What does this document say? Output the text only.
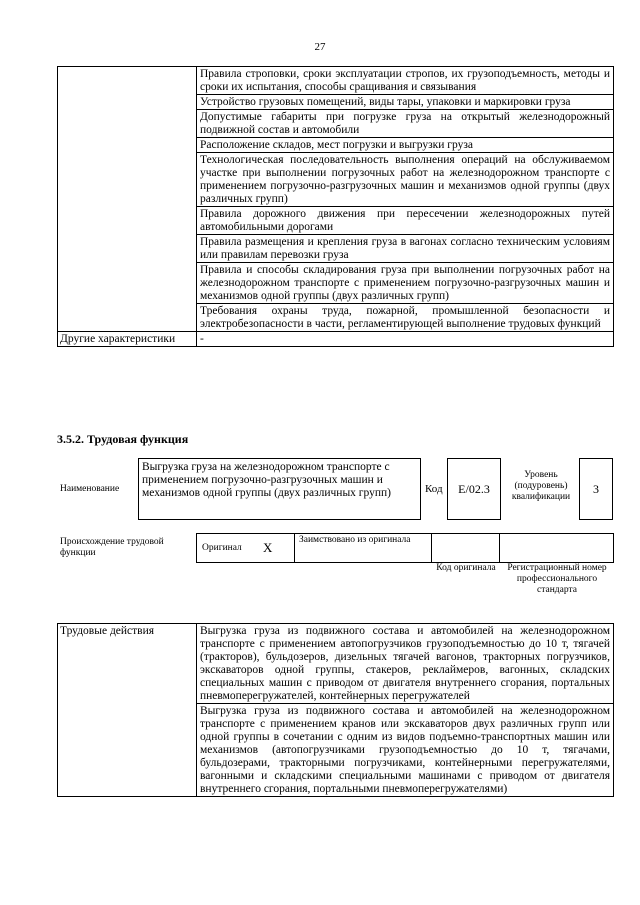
27
	Правила строповки, сроки эксплуатации стропов, их грузоподъемность, методы и сроки их испытания, способы сращивания и связывания
	Устройство грузовых помещений, виды тары, упаковки и маркировки груза
	Допустимые габариты при погрузке груза на открытый железнодорожный подвижной состав и автомобили
	Расположение складов, мест погрузки и выгрузки груза
	Технологическая последовательность выполнения операций на обслуживаемом участке при выполнении погрузочных работ на железнодорожном транспорте с применением погрузочно-разгрузочных машин и механизмов одной группы (двух различных групп)
	Правила дорожного движения при пересечении железнодорожных путей автомобильными дорогами
	Правила размещения и крепления груза в вагонах согласно техническим условиям или правилам перевозки груза
	Правила и способы складирования груза при выполнении погрузочных работ на железнодорожном транспорте с применением погрузочно-разгрузочных машин и механизмов одной группы (двух различных групп)
	Требования охраны труда, пожарной, промышленной безопасности и электробезопасности в части, регламентирующей выполнение трудовых функций
Другие характеристики	-
3.5.2. Трудовая функция
Наименование
Выгрузка груза на железнодорожном транспорте с применением погрузочно-разгрузочных машин и механизмов одной группы (двух различных групп)	Код	E/02.3
Уровень (подуровень) квалификации
3
Происхождение трудовой функции	Оригинал X	Заимствовано из оригинала
Код оригинала	Регистрационный номер профессионального стандарта
Трудовые действия	Выгрузка груза из подвижного состава и автомобилей на железнодорожном транспорте с применением автопогрузчиков грузоподъемностью до 10 т, тягачей (тракторов), бульдозеров, дизельных тягачей вагонов, тракторных погрузчиков, экскаваторов одной группы, стакеров, реклаймеров, вагонных, складских специальных машин с приводом от двигателя внутреннего сгорания, портальных пневмоперегружателей, контейнерных перегружателей
Выгрузка груза из подвижного состава и автомобилей на железнодорожном транспорте с применением кранов или экскаваторов двух различных групп или одной группы в сочетании с одним из видов подъемно-транспортных машин или механизмов (автопогрузчиками грузоподъемностью до 10 т, тягачами, бульдозерами, тракторными погрузчиками, контейнерными перегружателями, вагонными и складскими специальными машинами с приводом от двигателя внутреннего сгорания, портальными пневмоперегружателями)
